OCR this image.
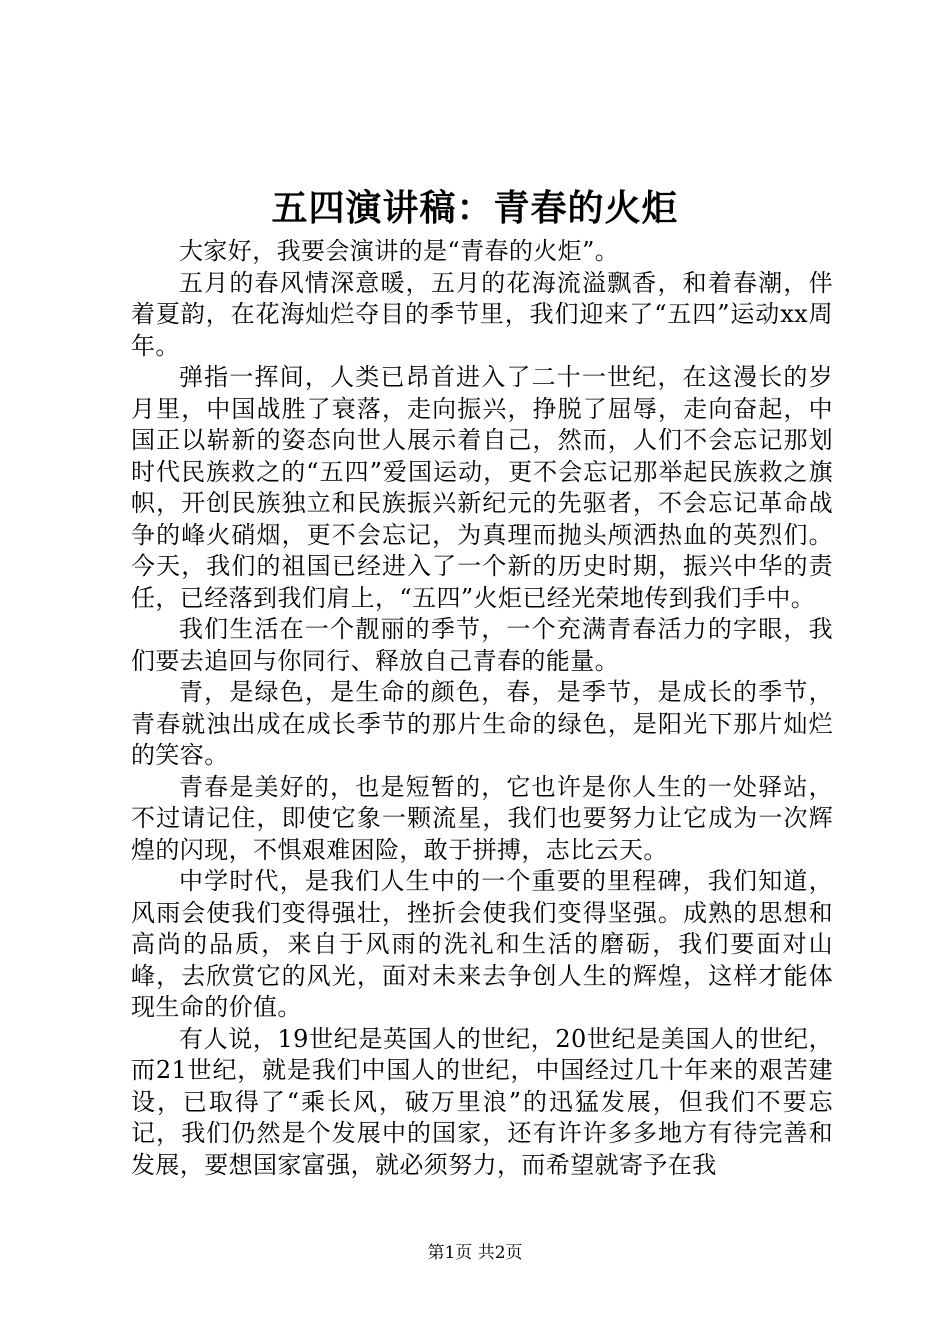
五四演讲稿：青春的火炬

大家好，我要会演讲的是“青春的火炬”。

五月的春风情深意暖，五月的花海流溢飘香，和着春潮，伴着夏韵，在花海灿烂夺目的季节里，我们迎来了“五四”运动xx周年。

弹指一挥间，人类已昂首进入了二十一世纪，在这漫长的岁月里，中国战胜了衰落，走向振兴，挣脱了屈辱，走向奋起，中国正以崭新的姿态向世人展示着自己，然而，人们不会忘记那划时代民族救之的“五四”爱国运动，更不会忘记那举起民族救之旗帜，开创民族独立和民族振兴新纪元的先驱者，不会忘记革命战争的峰火硝烟，更不会忘记，为真理而抛头颅洒热血的英烈们。今天，我们的祖国已经进入了一个新的历史时期，振兴中华的责任，已经落到我们肩上，“五四”火炬已经光荣地传到我们手中。

我们生活在一个靓丽的季节，一个充满青春活力的字眼，我们要去追回与你同行、释放自己青春的能量。

青，是绿色，是生命的颜色，春，是季节，是成长的季节，青春就浊出成在成长季节的那片生命的绿色，是阳光下那片灿烂的笑容。

青春是美好的，也是短暂的，它也许是你人生的一处驿站，不过请记住，即使它象一颗流星，我们也要努力让它成为一次辉煌的闪现，不惧艰难困险，敢于拼搏，志比云天。

中学时代，是我们人生中的一个重要的里程碑，我们知道，风雨会使我们变得强壮，挫折会使我们变得坚强。成熟的思想和高尚的品质，来自于风雨的洗礼和生活的磨砺，我们要面对山峰，去欣赏它的风光，面对未来去争创人生的辉煌，这样才能体现生命的价值。

有人说，19世纪是英国人的世纪，20世纪是美国人的世纪，而21世纪，就是我们中国人的世纪，中国经过几十年来的艰苦建设，已取得了“乘长风，破万里浪”的迅猛发展，但我们不要忘记，我们仍然是个发展中的国家，还有许许多多地方有待完善和发展，要想国家富强，就必须努力，而希望就寄予在我

第1页 共2页
